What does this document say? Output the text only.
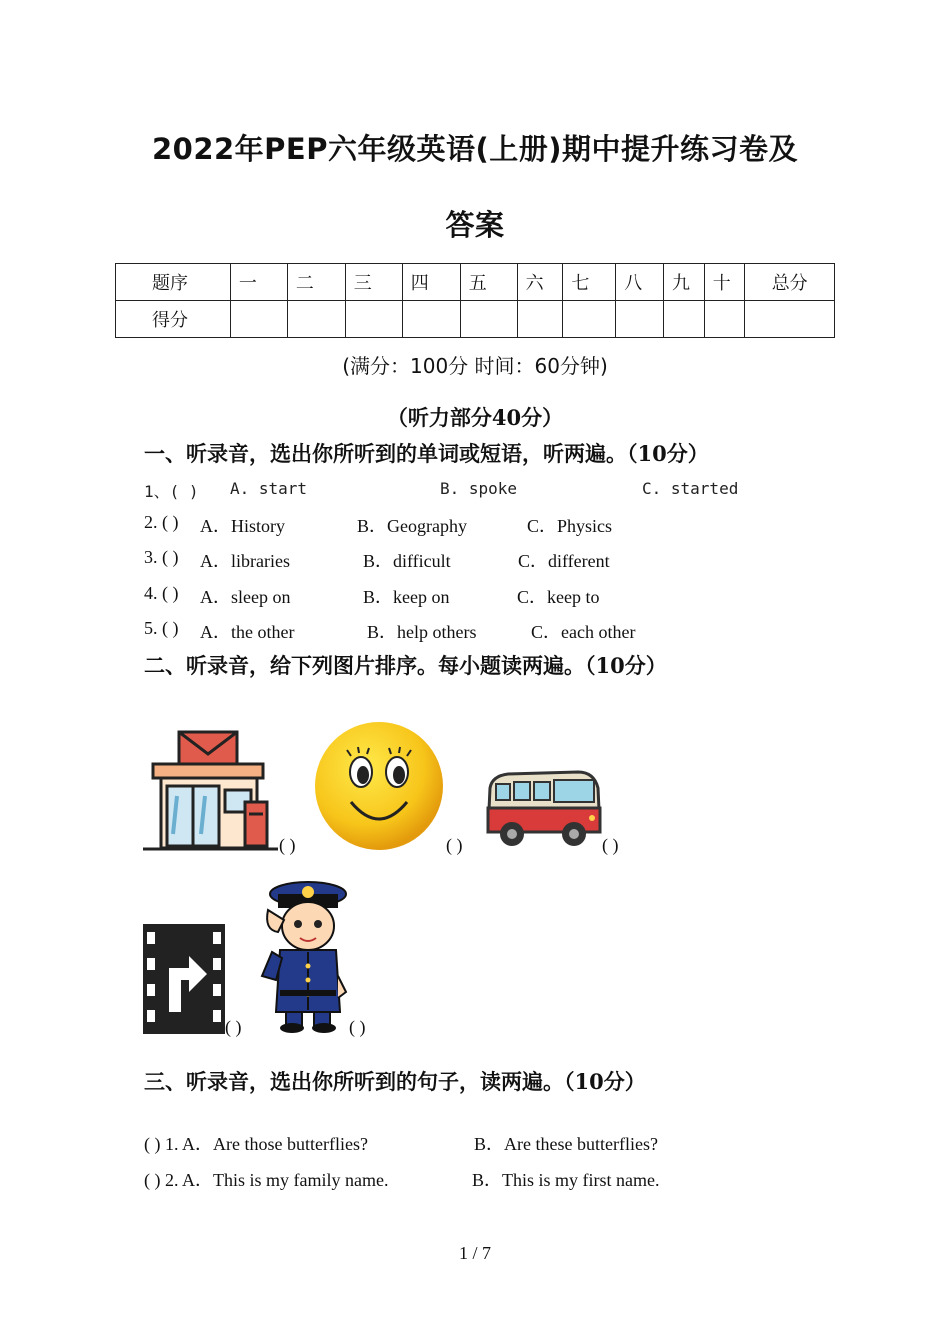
2022年PEP六年级英语(上册)期中提升练习卷及
答案
题序	一	二	三	四	五	六	七	八	九	十	总分
得分											
(满分：100分 时间：60分钟)
（听力部分40分）
一、听录音，选出你所听到的单词或短语，听两遍。（10分）
1、( ) A. start	B. spoke	C. started
2. ( ) A．History	B．Geography	C．Physics
3. ( ) A．libraries	B．difficult	C．different
4. ( ) A．sleep on	B．keep on	C．keep to
5. ( ) A．the other	B．help others	C．each other
二、听录音，给下列图片排序。每小题读两遍。（10分）
( )	( )	( )
( )	( )
三、听录音，选出你所听到的句子，读两遍。（10分）
( ) 1. A．Are those butterflies?	B．Are these butterflies?
( ) 2. A．This is my family name.	B．This is my first name.
1 / 7
